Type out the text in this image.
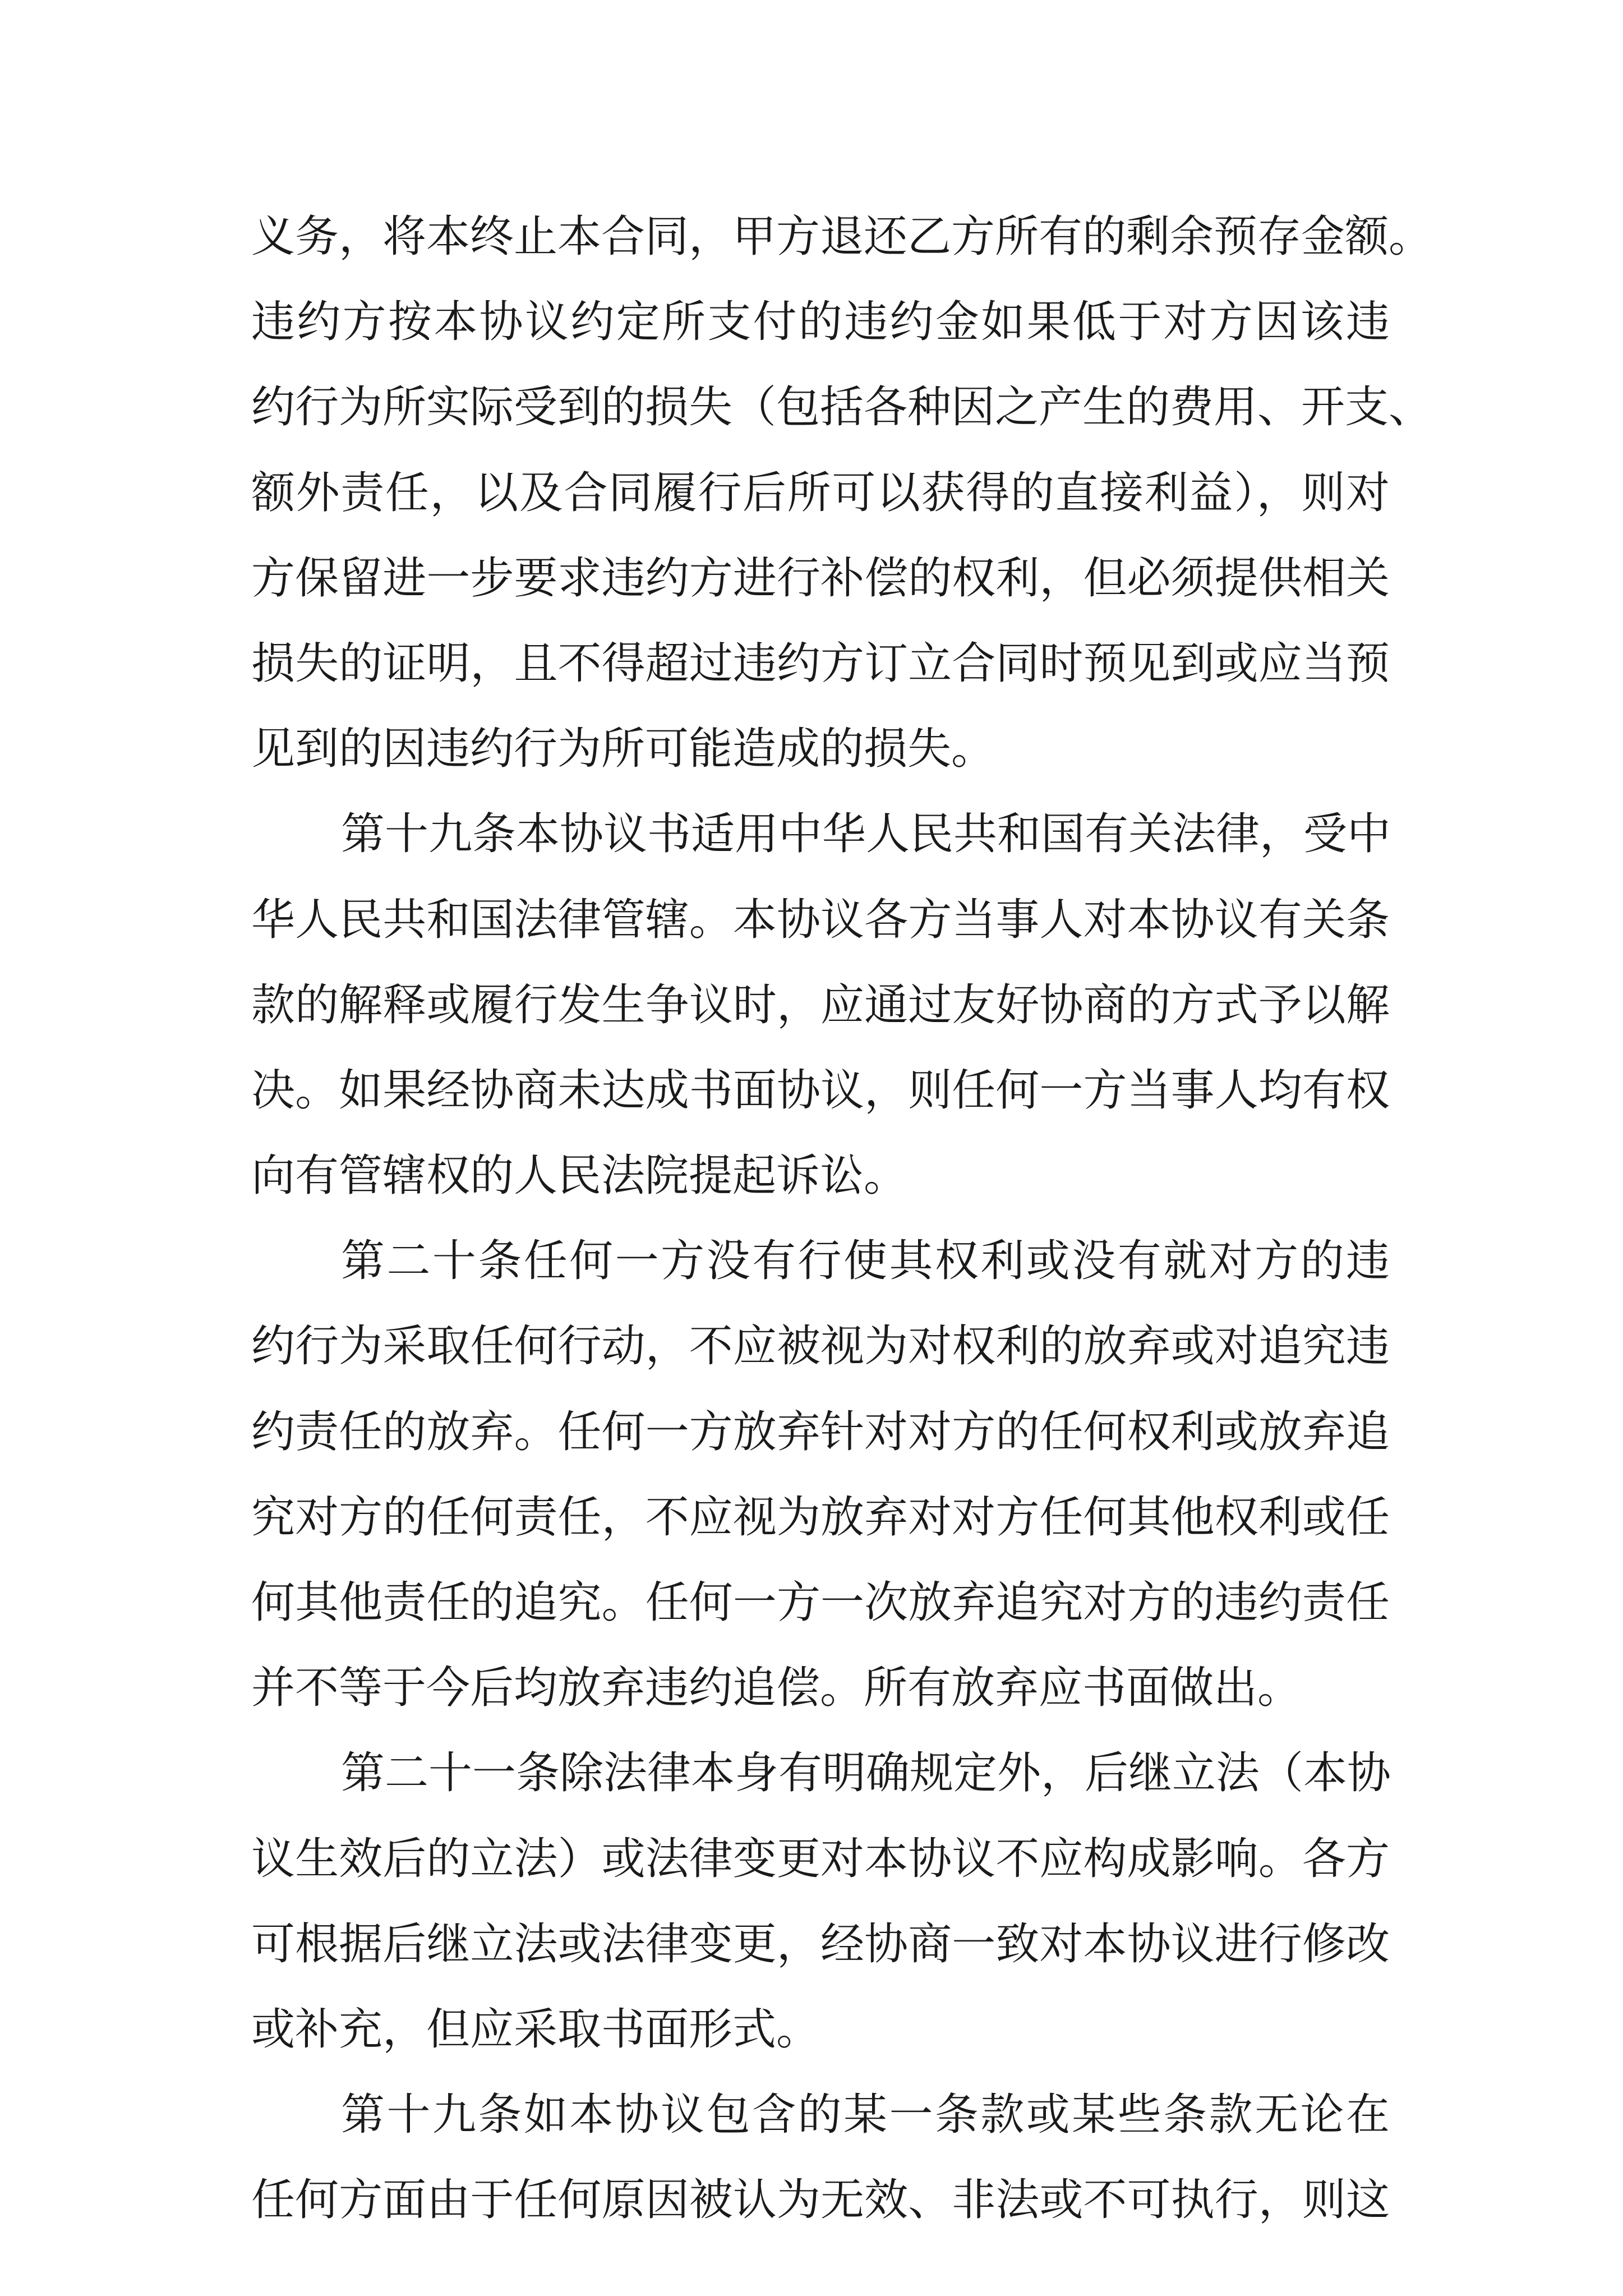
义务，将本终止本合同，甲方退还乙方所有的剩余预存金额。
违约方按本协议约定所支付的违约金如果低于对方因该违
约行为所实际受到的损失（包括各种因之产生的费用、开支、
额外责任，以及合同履行后所可以获得的直接利益），则对
方保留进一步要求违约方进行补偿的权利，但必须提供相关
损失的证明，且不得超过违约方订立合同时预见到或应当预
见到的因违约行为所可能造成的损失。
第十九条本协议书适用中华人民共和国有关法律，受中
华人民共和国法律管辖。本协议各方当事人对本协议有关条
款的解释或履行发生争议时，应通过友好协商的方式予以解
决。如果经协商未达成书面协议，则任何一方当事人均有权
向有管辖权的人民法院提起诉讼。
第二十条任何一方没有行使其权利或没有就对方的违
约行为采取任何行动，不应被视为对权利的放弃或对追究违
约责任的放弃。任何一方放弃针对对方的任何权利或放弃追
究对方的任何责任，不应视为放弃对对方任何其他权利或任
何其他责任的追究。任何一方一次放弃追究对方的违约责任
并不等于今后均放弃违约追偿。所有放弃应书面做出。
第二十一条除法律本身有明确规定外，后继立法（本协
议生效后的立法）或法律变更对本协议不应构成影响。各方
可根据后继立法或法律变更，经协商一致对本协议进行修改
或补充，但应采取书面形式。
第十九条如本协议包含的某一条款或某些条款无论在
任何方面由于任何原因被认为无效、非法或不可执行，则这
